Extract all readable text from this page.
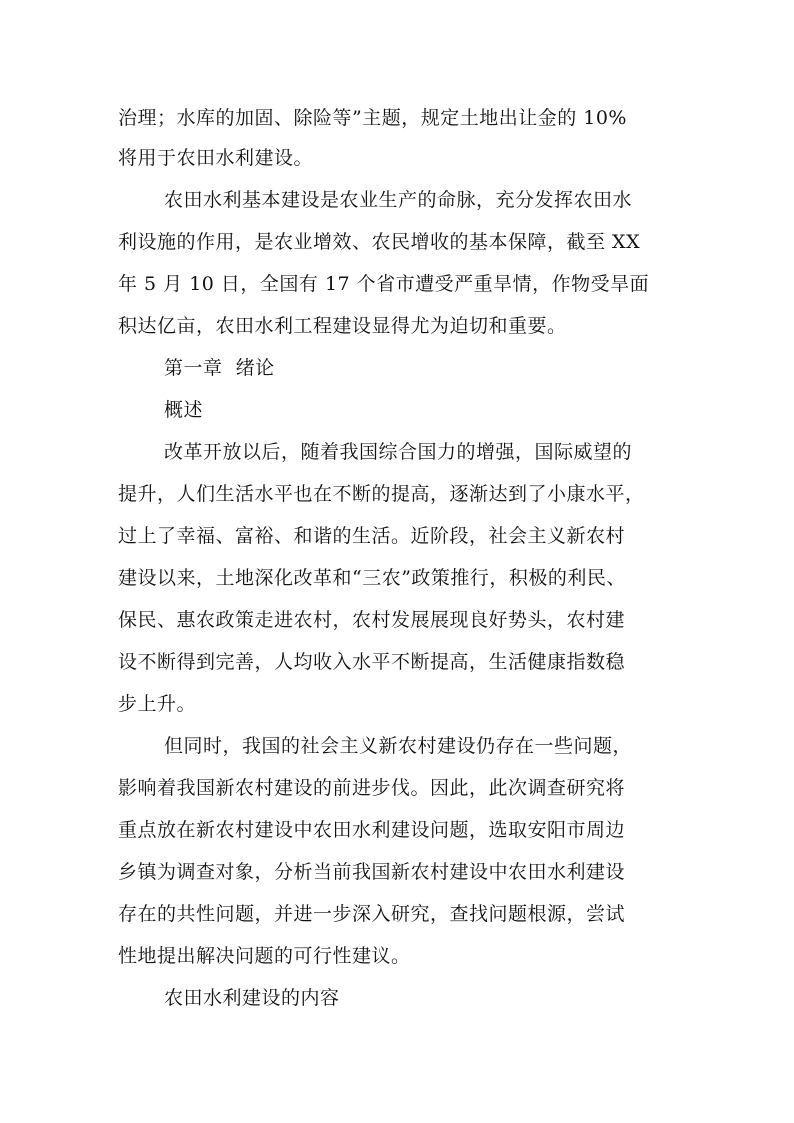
治理；水库的加固、除险等”主题，规定土地出让金的 10%
将用于农田水利建设。
农田水利基本建设是农业生产的命脉，充分发挥农田水
利设施的作用，是农业增效、农民增收的基本保障，截至 XX
年 5 月 10 日，全国有 17 个省市遭受严重旱情，作物受旱面
积达亿亩，农田水利工程建设显得尤为迫切和重要。
第一章  绪论
概述
改革开放以后，随着我国综合国力的增强，国际威望的
提升，人们生活水平也在不断的提高，逐渐达到了小康水平，
过上了幸福、富裕、和谐的生活。近阶段，社会主义新农村
建设以来，土地深化改革和“三农”政策推行，积极的利民、
保民、惠农政策走进农村，农村发展展现良好势头，农村建
设不断得到完善，人均收入水平不断提高，生活健康指数稳
步上升。
但同时，我国的社会主义新农村建设仍存在一些问题，
影响着我国新农村建设的前进步伐。因此，此次调查研究将
重点放在新农村建设中农田水利建设问题，选取安阳市周边
乡镇为调查对象，分析当前我国新农村建设中农田水利建设
存在的共性问题，并进一步深入研究，查找问题根源，尝试
性地提出解决问题的可行性建议。
农田水利建设的内容
